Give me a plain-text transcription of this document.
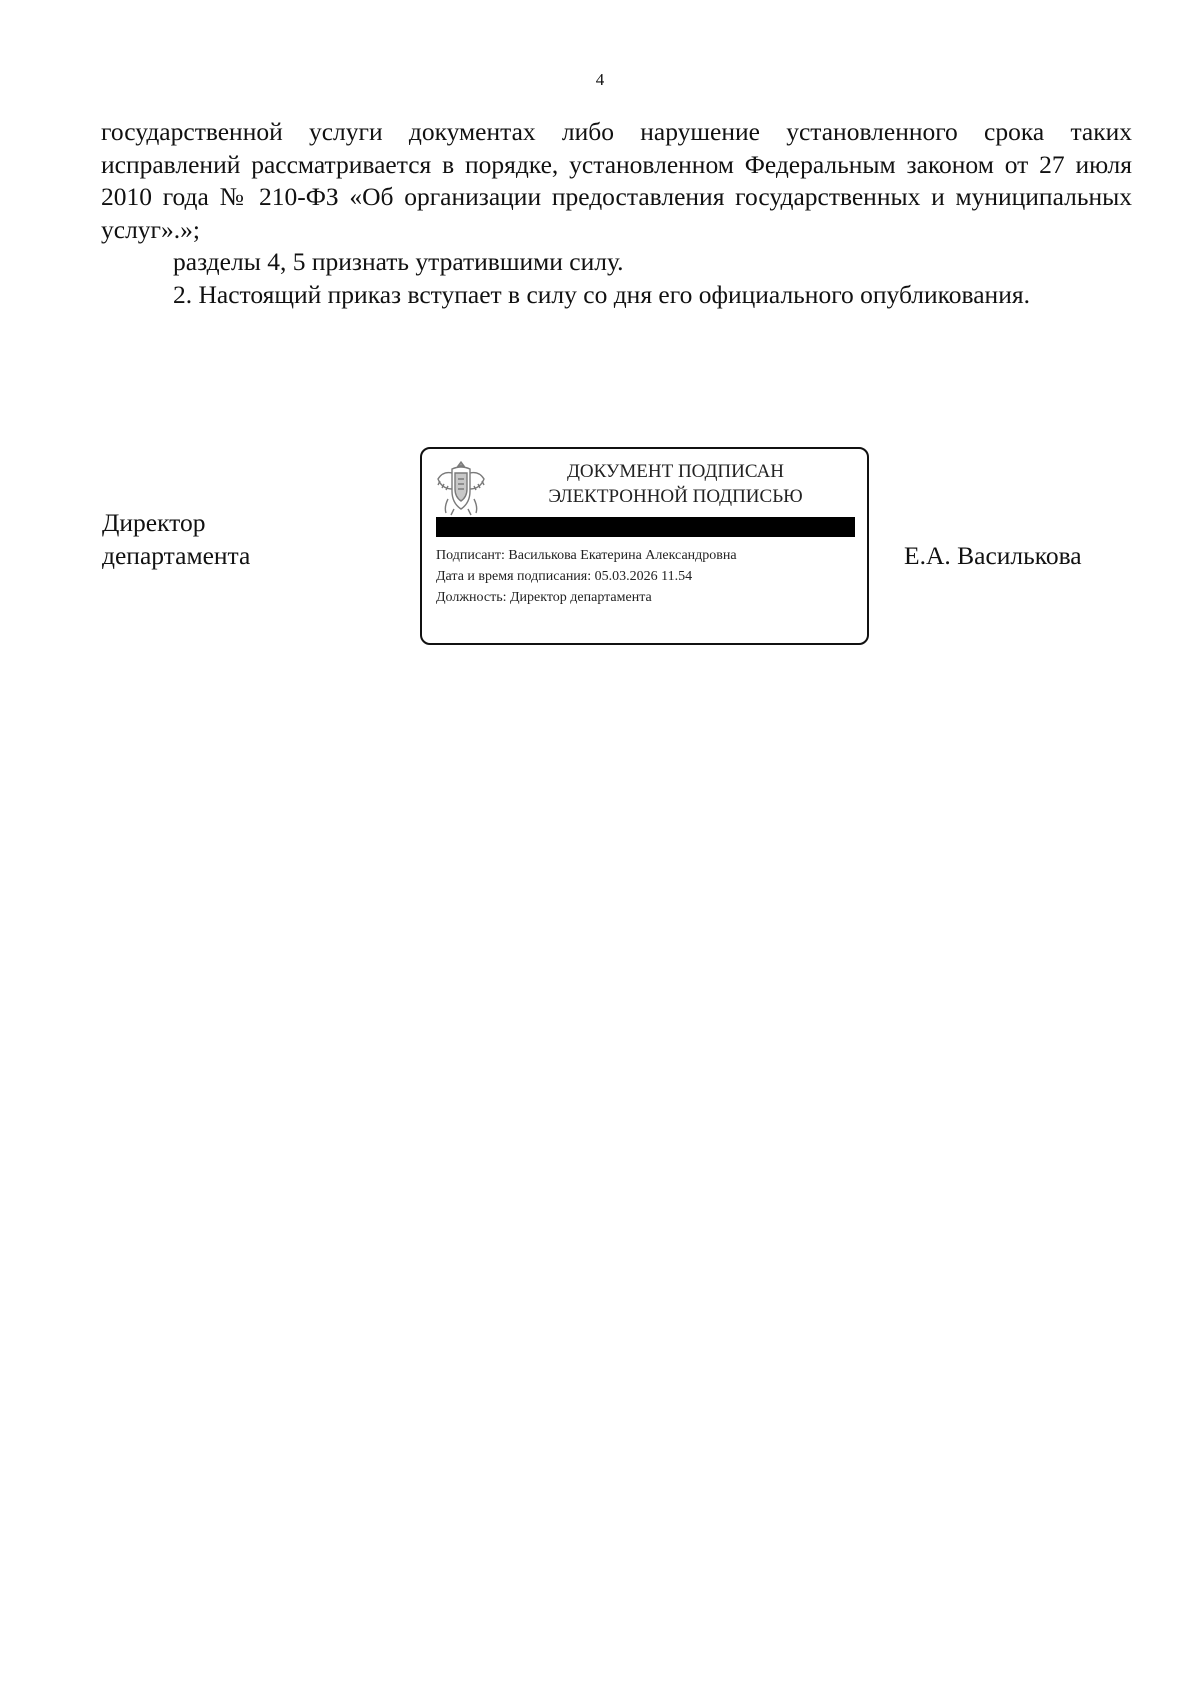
4

государственной услуги документах либо нарушение установленного срока таких исправлений рассматривается в порядке, установленном Федеральным законом от 27 июля 2010 года № 210-ФЗ «Об организации предоставления государственных и муниципальных услуг».»;

разделы 4, 5 признать утратившими силу.

2. Настоящий приказ вступает в силу со дня его официального опубликования.

Директор
департамента	Е.А. Василькова
ДОКУМЕНТ ПОДПИСАН
ЭЛЕКТРОННОЙ ПОДПИСЬЮ
Подписант: Василькова Екатерина Александровна
Дата и время подписания: 05.03.2026 11.54
Должность: Директор департамента
